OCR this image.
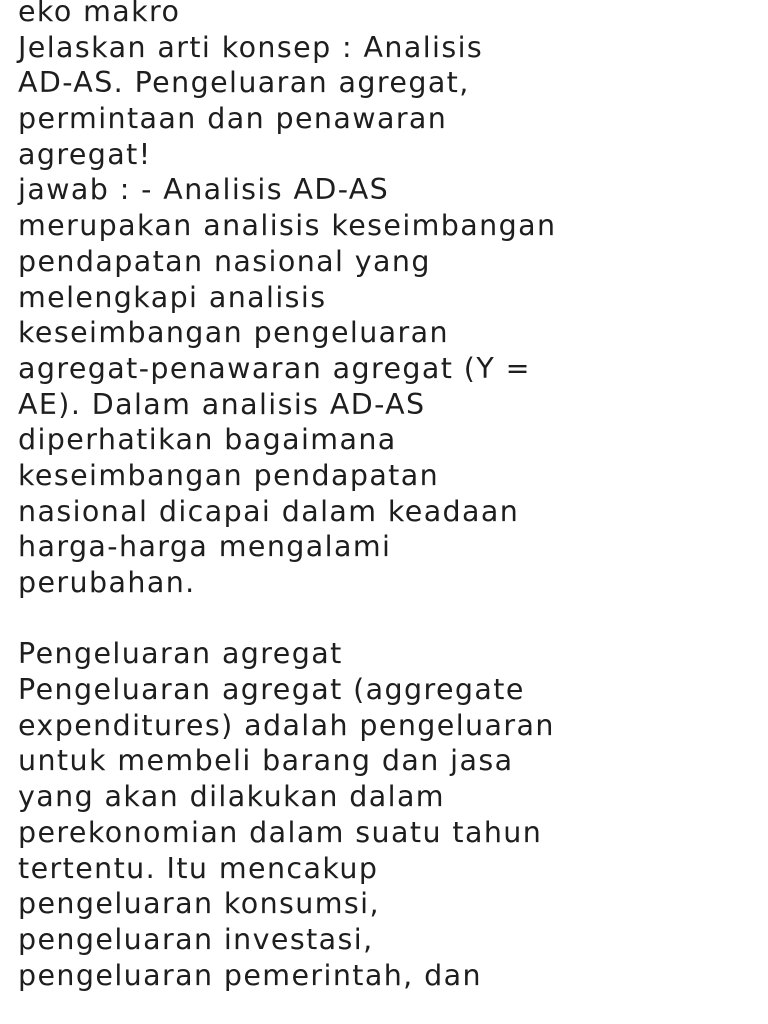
eko makro
Jelaskan arti konsep : Analisis
AD-AS. Pengeluaran agregat,
permintaan dan penawaran
agregat!
jawab : - Analisis AD-AS
merupakan analisis keseimbangan
pendapatan nasional yang
melengkapi analisis
keseimbangan pengeluaran
agregat-penawaran agregat (Y =
AE). Dalam analisis AD-AS
diperhatikan bagaimana
keseimbangan pendapatan
nasional dicapai dalam keadaan
harga-harga mengalami
perubahan.
Pengeluaran agregat
Pengeluaran agregat (aggregate
expenditures) adalah pengeluaran
untuk membeli barang dan jasa
yang akan dilakukan dalam
perekonomian dalam suatu tahun
tertentu. Itu mencakup
pengeluaran konsumsi,
pengeluaran investasi,
pengeluaran pemerintah, dan
